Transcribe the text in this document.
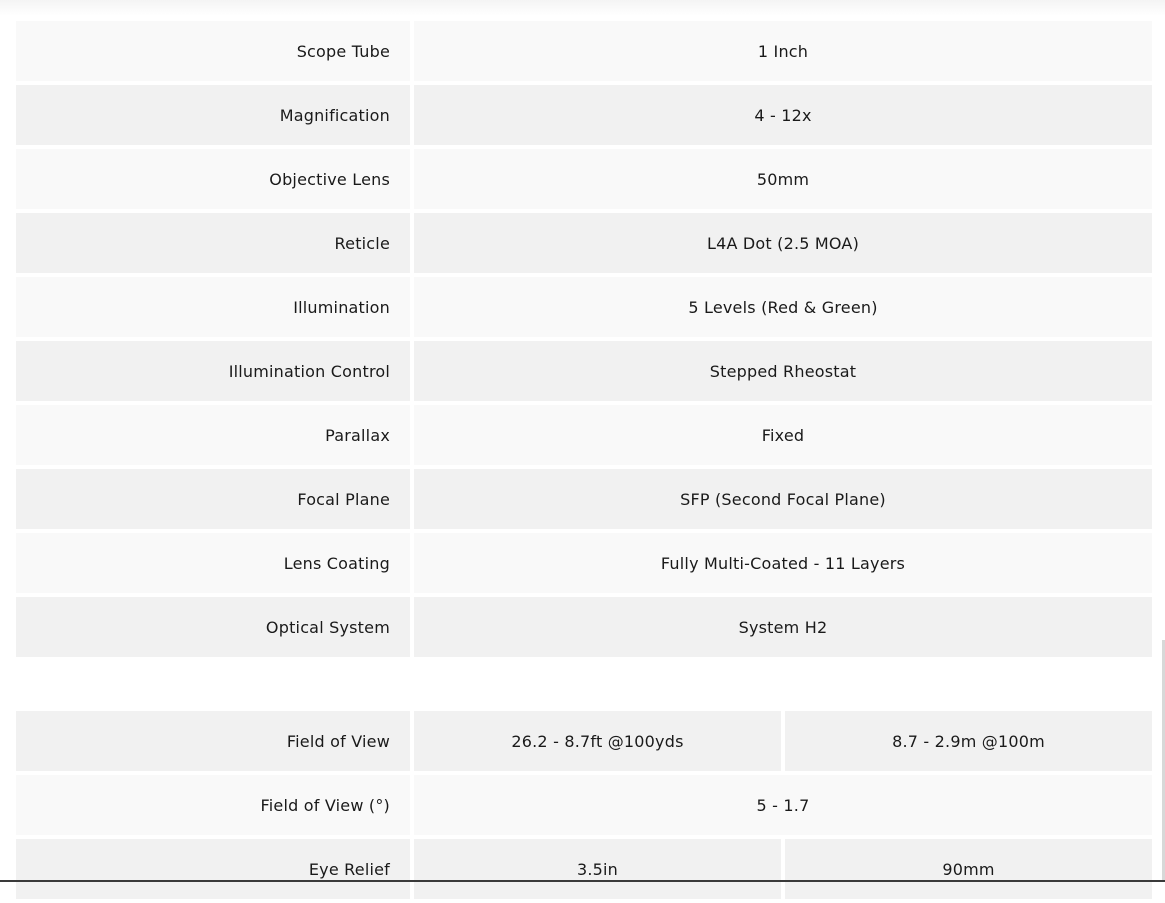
Scope Tube	1 Inch
Magnification	4 - 12x
Objective Lens	50mm
Reticle	L4A Dot (2.5 MOA)
Illumination	5 Levels (Red & Green)
Illumination Control	Stepped Rheostat
Parallax	Fixed
Focal Plane	SFP (Second Focal Plane)
Lens Coating	Fully Multi-Coated - 11 Layers
Optical System	System H2
Field of View	26.2 - 8.7ft @100yds	8.7 - 2.9m @100m
Field of View (°)	5 - 1.7
Eye Relief	3.5in	90mm
